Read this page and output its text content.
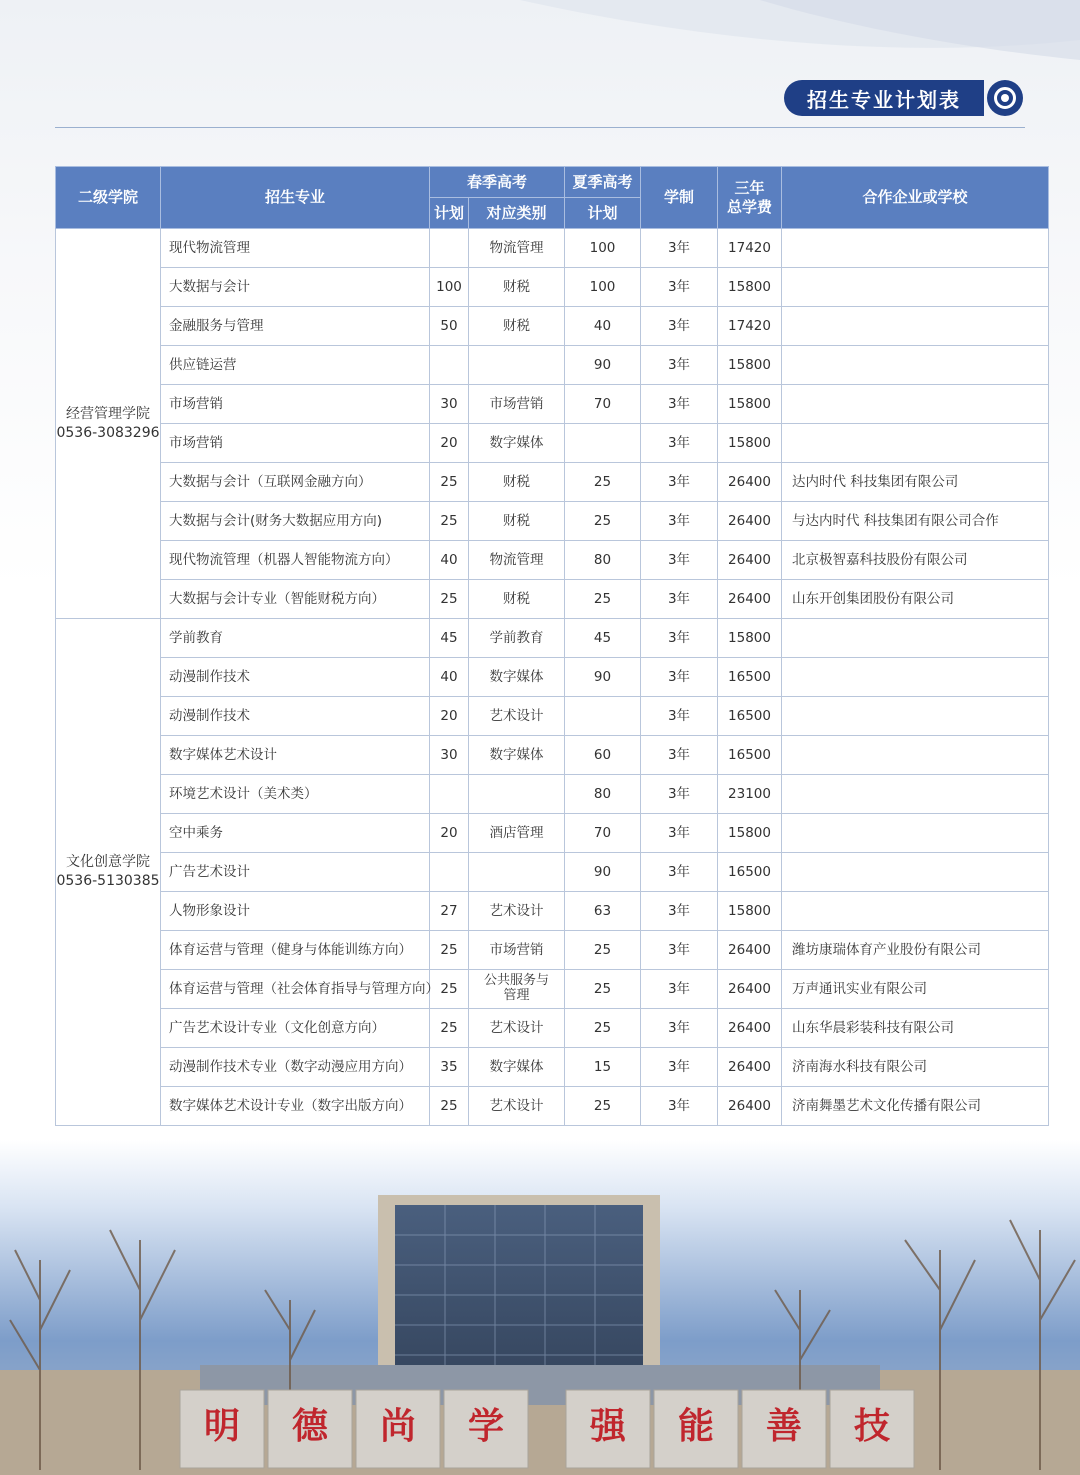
招生专业计划表
二级学院	招生专业	春季高考		夏季高考	学制	三年
总学费	合作企业或学校
		计划	对应类别	计划			

经营管理学院
0536-3083296	现代物流管理		物流管理	100	3年	17420	
	大数据与会计	100	财税	100	3年	15800	
	金融服务与管理	50	财税	40	3年	17420	
	供应链运营			90	3年	15800	
	市场营销	30	市场营销	70	3年	15800	
	市场营销	20	数字媒体		3年	15800	
	大数据与会计（互联网金融方向）	25	财税	25	3年	26400	达内时代 科技集团有限公司
	大数据与会计(财务大数据应用方向)	25	财税	25	3年	26400	与达内时代 科技集团有限公司合作
	现代物流管理（机器人智能物流方向）	40	物流管理	80	3年	26400	北京极智嘉科技股份有限公司
	大数据与会计专业（智能财税方向）	25	财税	25	3年	26400	山东开创集团股份有限公司

文化创意学院
0536-5130385	学前教育	45	学前教育	45	3年	15800	
	动漫制作技术	40	数字媒体	90	3年	16500	
	动漫制作技术	20	艺术设计		3年	16500	
	数字媒体艺术设计	30	数字媒体	60	3年	16500	
	环境艺术设计（美术类）			80	3年	23100	
	空中乘务	20	酒店管理	70	3年	15800	
	广告艺术设计			90	3年	16500	
	人物形象设计	27	艺术设计	63	3年	15800	
	体育运营与管理（健身与体能训练方向）	25	市场营销	25	3年	26400	潍坊康瑞体育产业股份有限公司
	体育运营与管理（社会体育指导与管理方向）	25	公共服务与管理	25	3年	26400	万声通讯实业有限公司
	广告艺术设计专业（文化创意方向）	25	艺术设计	25	3年	26400	山东华晨彩装科技有限公司
	动漫制作技术专业（数字动漫应用方向）	35	数字媒体	15	3年	26400	济南海水科技有限公司
	数字媒体艺术设计专业（数字出版方向）	25	艺术设计	25	3年	26400	济南舞墨艺术文化传播有限公司
明 德 尚 学 强 能 善 技
